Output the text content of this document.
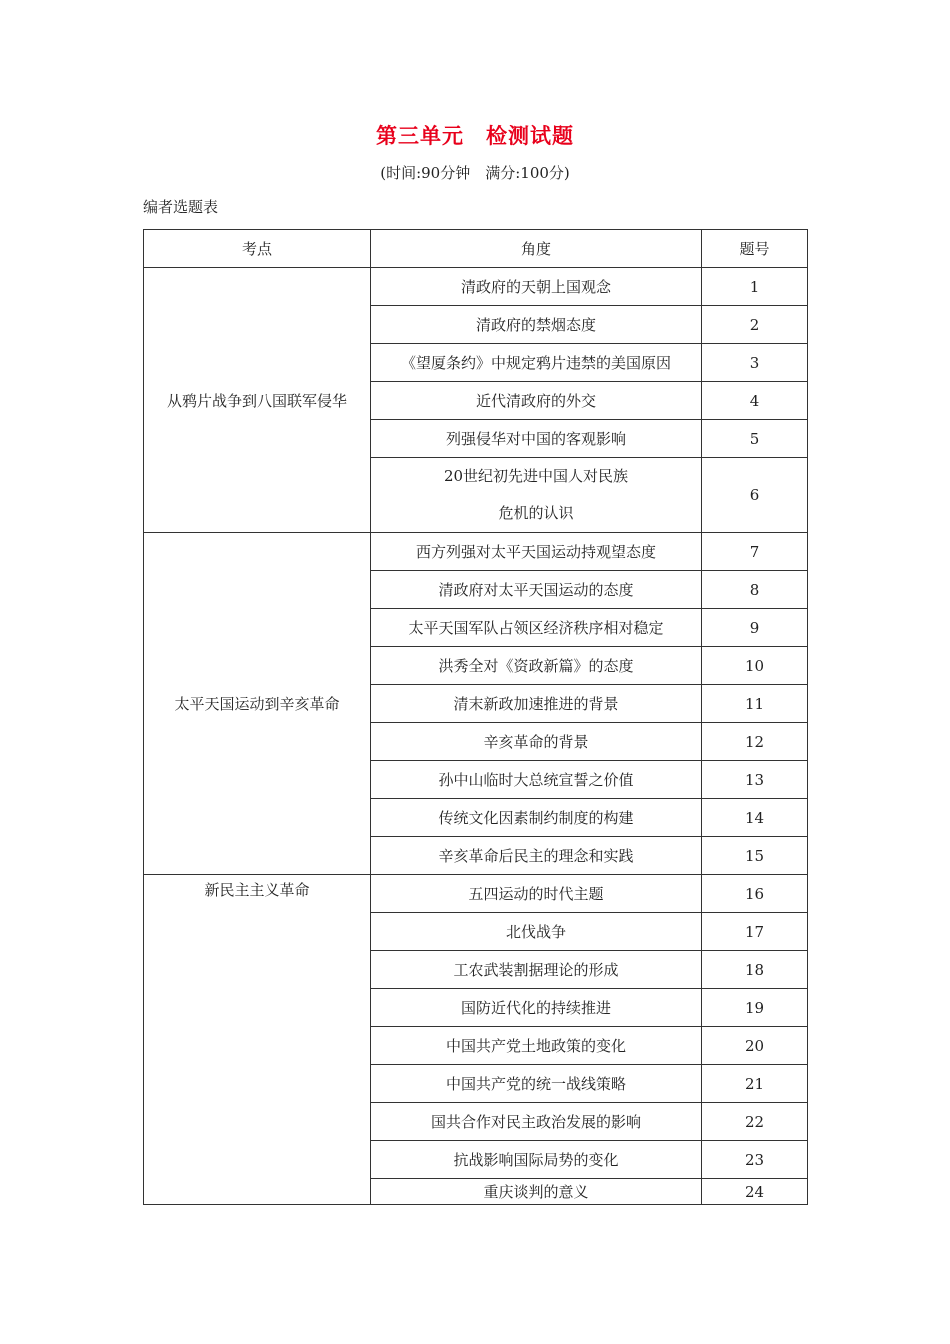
第三单元　检测试题
(时间:90分钟　满分:100分)
编者选题表
考点	角度	题号
从鸦片战争到八国联军侵华	清政府的天朝上国观念	1
	清政府的禁烟态度	2
	《望厦条约》中规定鸦片违禁的美国原因	3
	近代清政府的外交	4
	列强侵华对中国的客观影响	5

	20世纪初先进中国人对民族
危机的认识	6
太平天国运动到辛亥革命	西方列强对太平天国运动持观望态度	7
	清政府对太平天国运动的态度	8
	太平天国军队占领区经济秩序相对稳定	9
	洪秀全对《资政新篇》的态度	10
	清末新政加速推进的背景	11
	辛亥革命的背景	12
	孙中山临时大总统宣誓之价值	13
	传统文化因素制约制度的构建	14
	辛亥革命后民主的理念和实践	15
新民主主义革命	五四运动的时代主题	16
	北伐战争	17
	工农武装割据理论的形成	18
	国防近代化的持续推进	19
	中国共产党土地政策的变化	20
	中国共产党的统一战线策略	21
	国共合作对民主政治发展的影响	22
	抗战影响国际局势的变化	23
	重庆谈判的意义	24
